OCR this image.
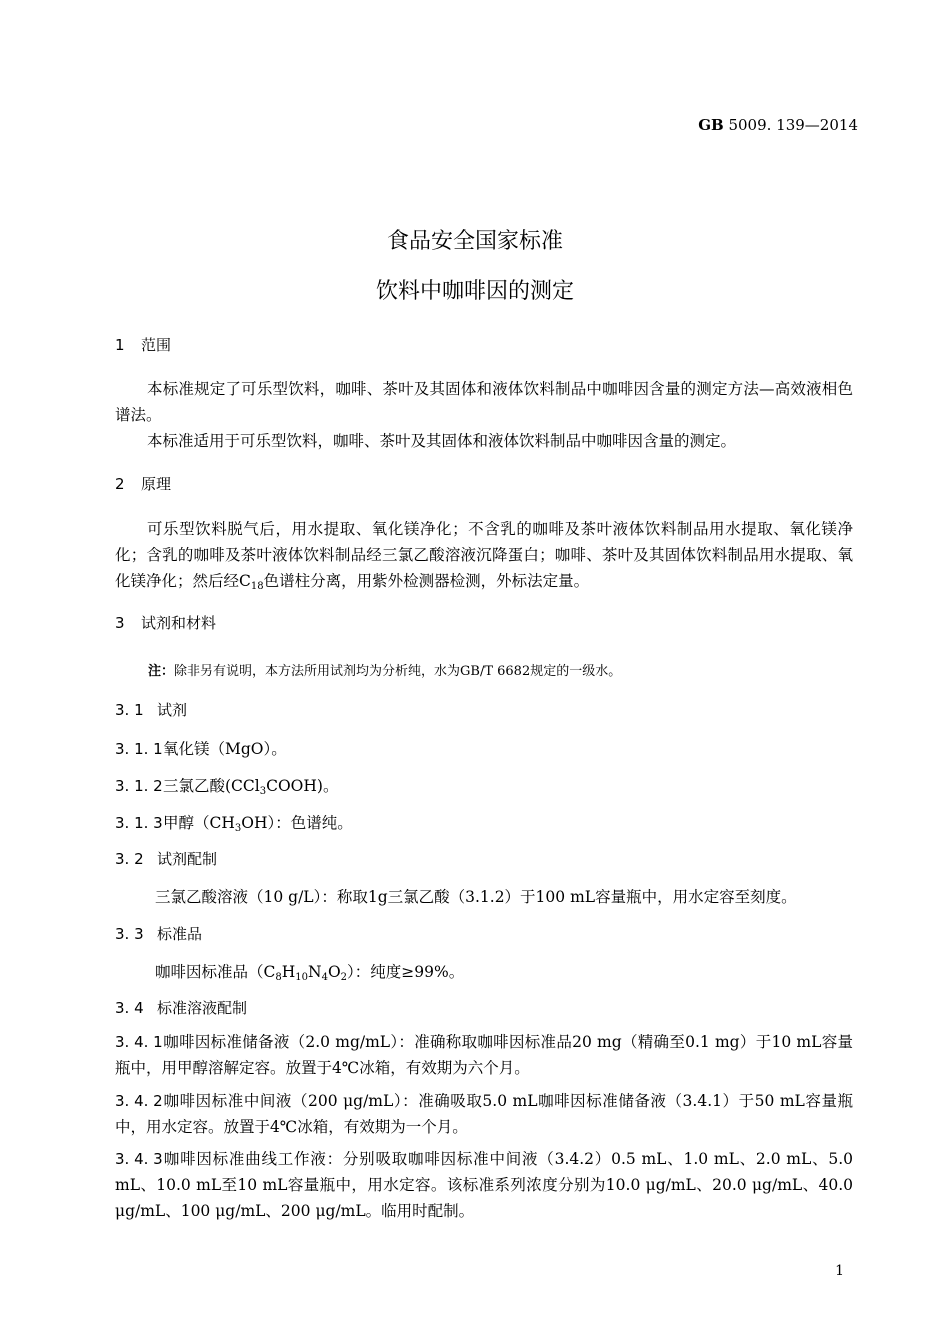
GB 5009. 139—2014
食品安全国家标准
饮料中咖啡因的测定
1 范围
本标准规定了可乐型饮料，咖啡、茶叶及其固体和液体饮料制品中咖啡因含量的测定方法—高效液相色谱法。
本标准适用于可乐型饮料，咖啡、茶叶及其固体和液体饮料制品中咖啡因含量的测定。
2 原理
可乐型饮料脱气后，用水提取、氧化镁净化；不含乳的咖啡及茶叶液体饮料制品用水提取、氧化镁净化；含乳的咖啡及茶叶液体饮料制品经三氯乙酸溶液沉降蛋白；咖啡、茶叶及其固体饮料制品用水提取、氧化镁净化；然后经$C_{18}$色谱柱分离，用紫外检测器检测，外标法定量。
3 试剂和材料
注：除非另有说明，本方法所用试剂均为分析纯，水为GB/T 6682规定的一级水。
3. 1 试剂
3. 1. 1氧化镁（MgO）。
3. 1. 2三氯乙酸(CCl$_3$COOH)。
3. 1. 3甲醇$(CH_3OH)$：色谱纯。
3. 2 试剂配制
三氯乙酸溶液（10 g/L）：称取1g三氯乙酸（3.1.2）于100 mL容量瓶中，用水定容至刻度。
3. 3 标准品
咖啡因标准品$(C_8H_{10}N_4O_2)$：纯度≥99%。
3. 4 标准溶液配制
3. 4. 1咖啡因标准储备液（2.0 mg/mL）：准确称取咖啡因标准品20 mg（精确至0.1 mg）于10 mL容量瓶中，用甲醇溶解定容。放置于4℃冰箱，有效期为六个月。
3. 4. 2咖啡因标准中间液（200 μg/mL）：准确吸取5.0 mL咖啡因标准储备液（3.4.1）于50 mL容量瓶中，用水定容。放置于4℃冰箱，有效期为一个月。
3. 4. 3咖啡因标准曲线工作液：分别吸取咖啡因标准中间液（3.4.2）0.5 mL、1.0 mL、2.0 mL、5.0 mL、10.0 mL至10 mL容量瓶中，用水定容。该标准系列浓度分别为10.0 μg/mL、20.0 μg/mL、40.0 μg/mL、100 μg/mL、200 μg/mL。临用时配制。
1
